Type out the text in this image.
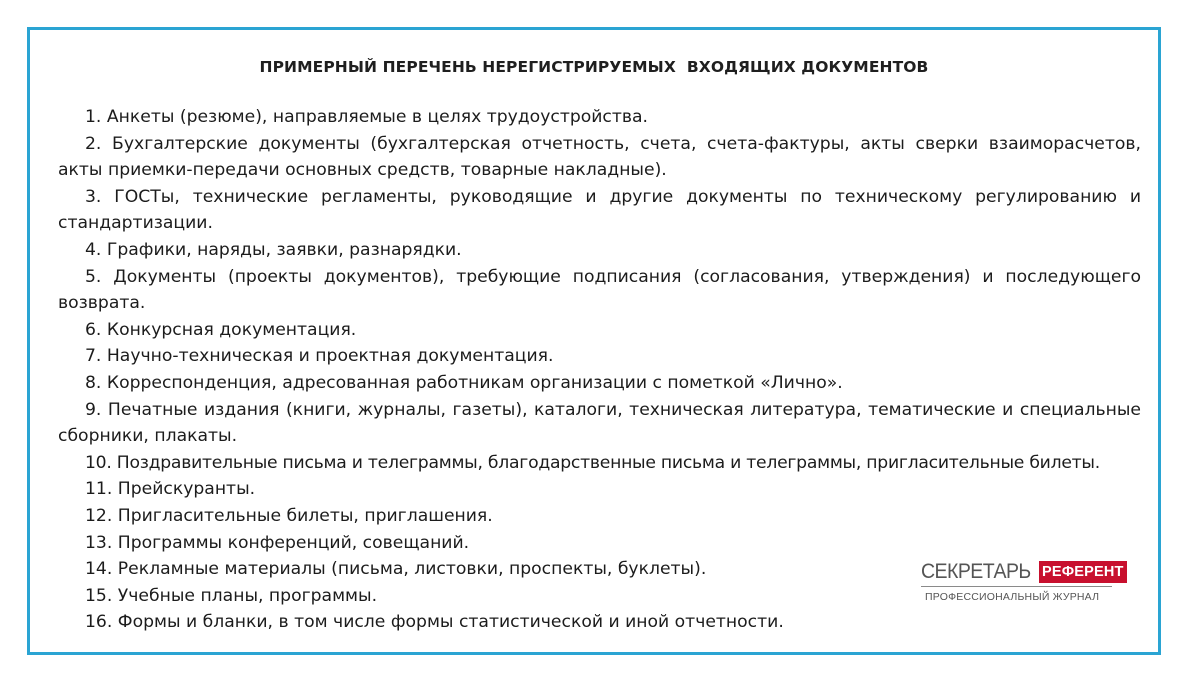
ПРИМЕРНЫЙ ПЕРЕЧЕНЬ НЕРЕГИСТРИРУЕМЫХ  ВХОДЯЩИХ ДОКУМЕНТОВ
1. Анкеты (резюме), направляемые в целях трудоустройства.
2. Бухгалтерские документы (бухгалтерская отчетность, счета, счета-фактуры, акты сверки взаиморасчетов, акты приемки-передачи основных средств, товарные накладные).
3. ГОСТы, технические регламенты, руководящие и другие документы по техническому регулированию и стандартизации.
4. Графики, наряды, заявки, разнарядки.
5. Документы (проекты документов), требующие подписания (согласования, утверждения) и последующего возврата.
6. Конкурсная документация.
7. Научно-техническая и проектная документация.
8. Корреспонденция, адресованная работникам организации с пометкой «Лично».
9. Печатные издания (книги, журналы, газеты), каталоги, техническая литература, тематические и специальные сборники, плакаты.
10. Поздравительные письма и телеграммы, благодарственные письма и телеграммы, пригласительные билеты.
11. Прейскуранты.
12. Пригласительные билеты, приглашения.
13. Программы конференций, совещаний.
14. Рекламные материалы (письма, листовки, проспекты, буклеты).
15. Учебные планы, программы.
16. Формы и бланки, в том числе формы статистической и иной отчетности.
СЕКРЕТАРЬ РЕФЕРЕНТ
ПРОФЕССИОНАЛЬНЫЙ ЖУРНАЛ
